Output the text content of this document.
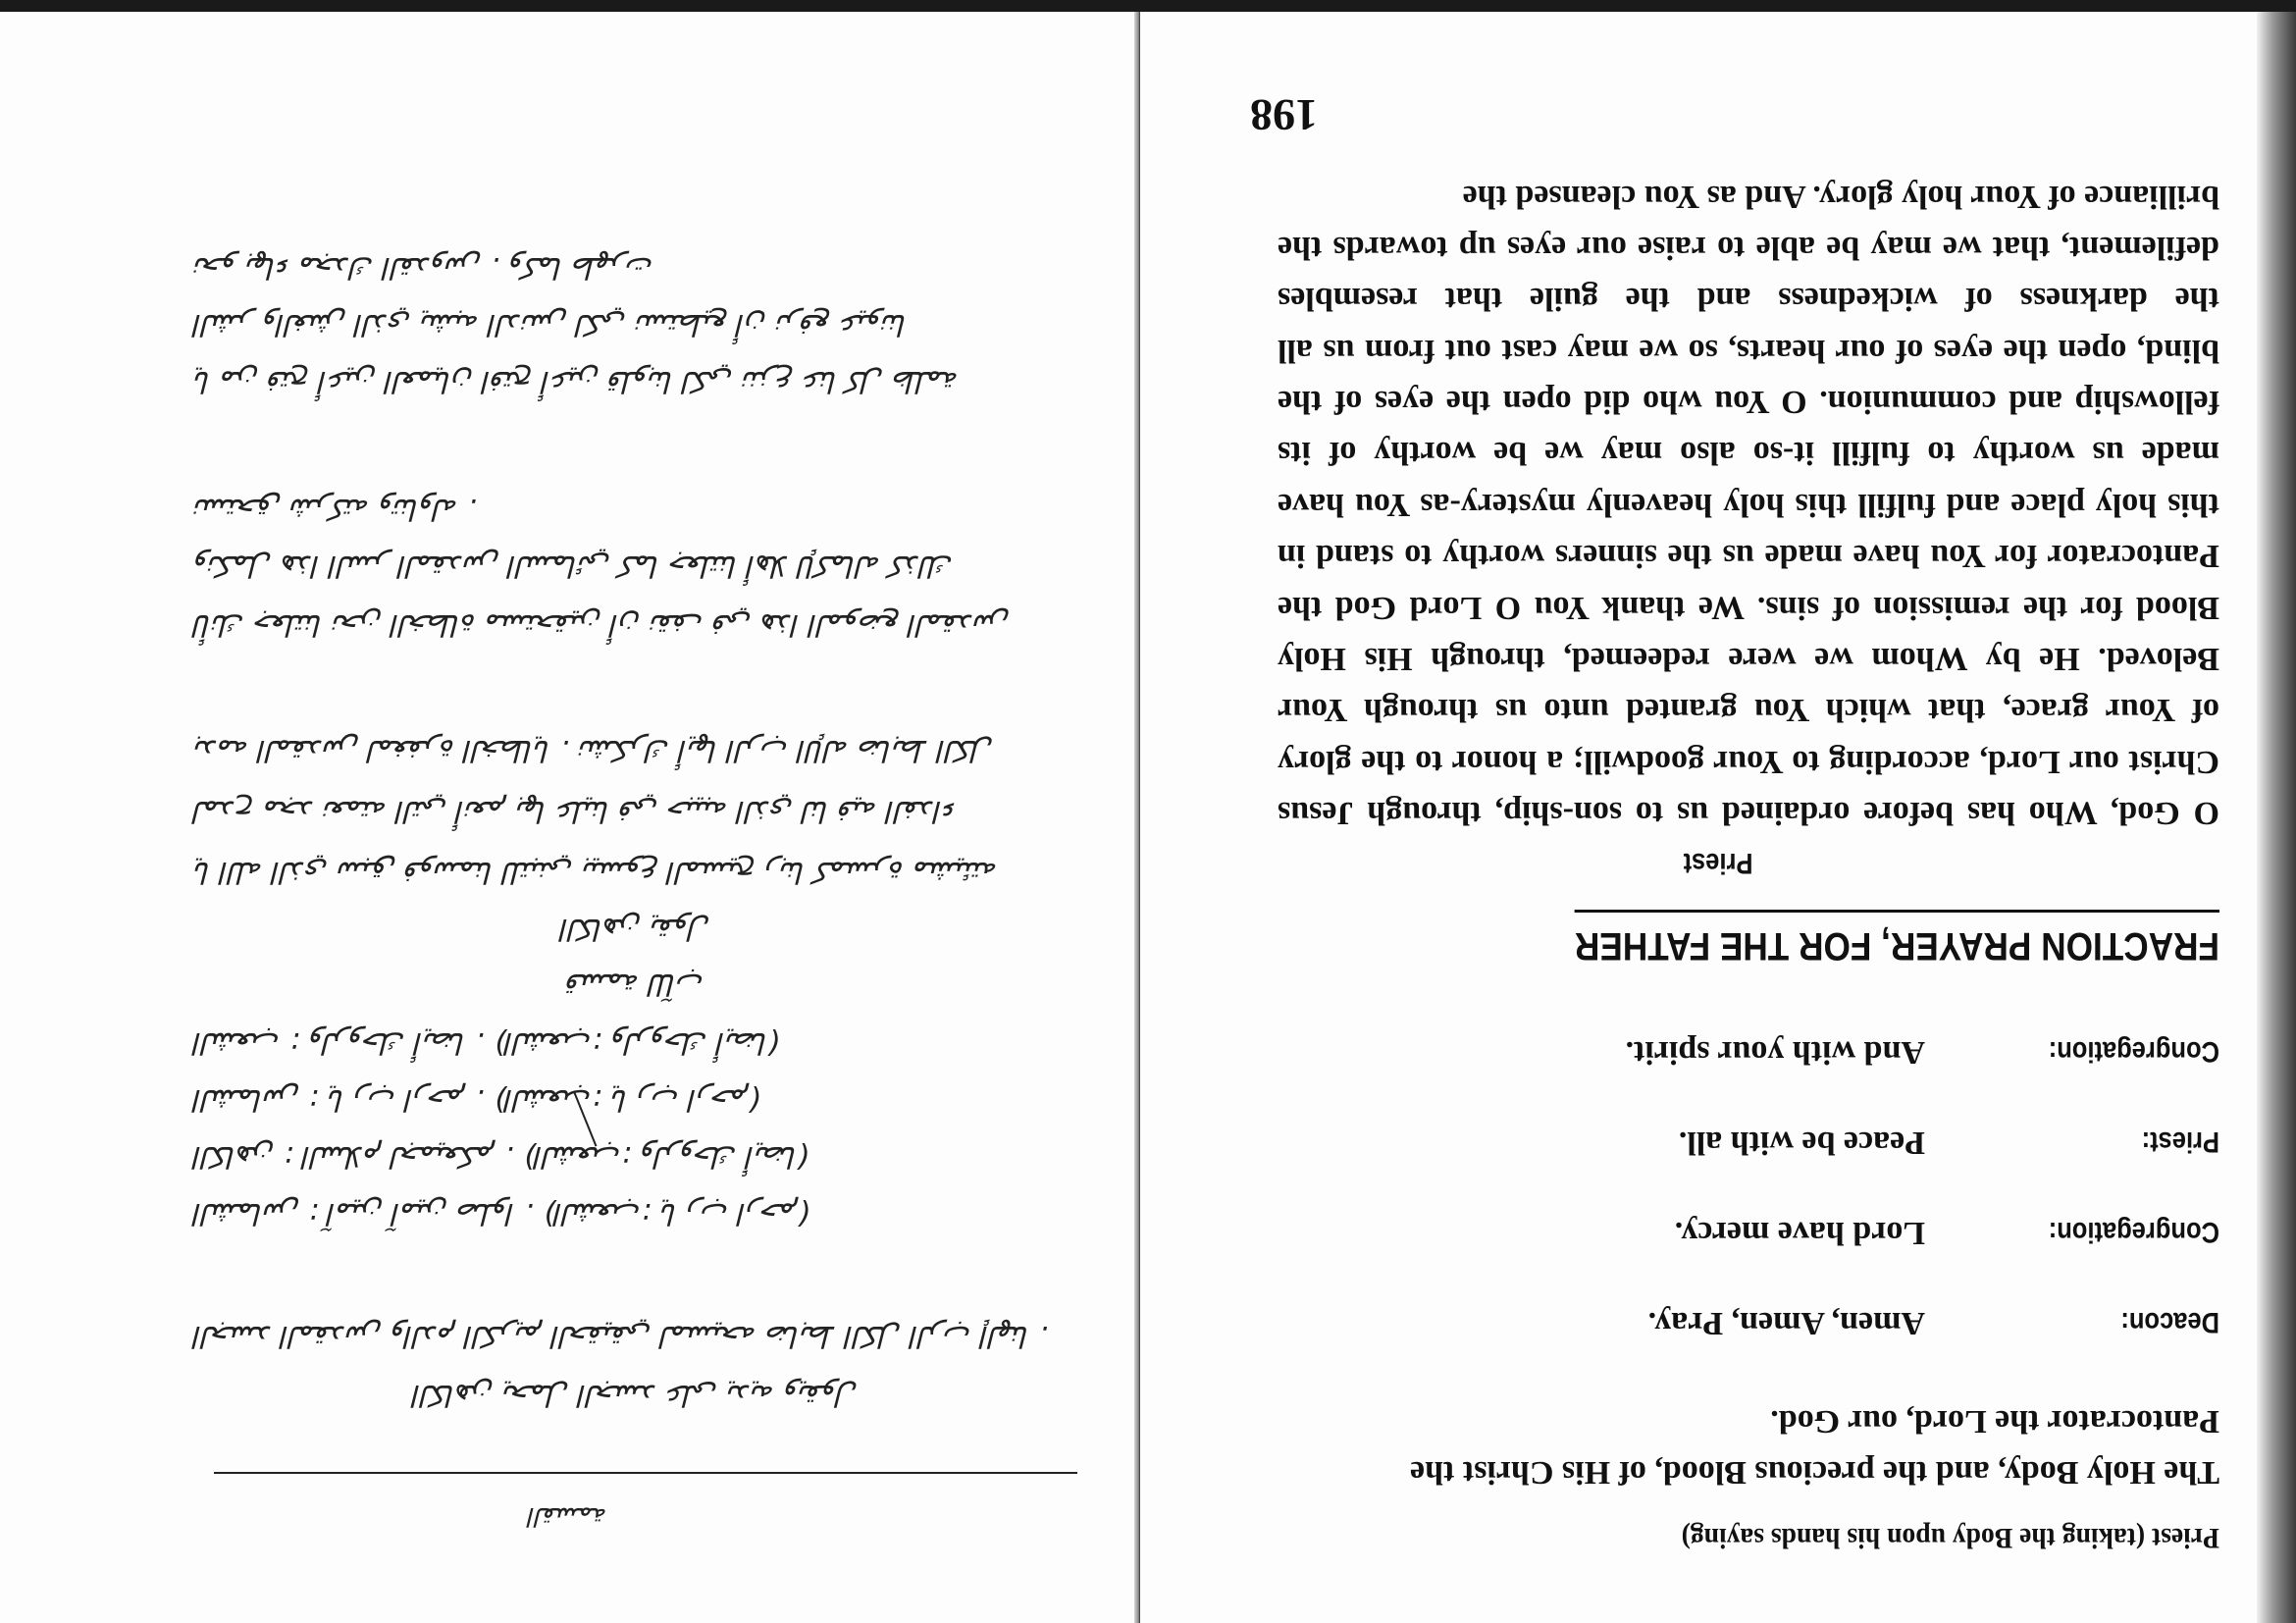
القسمة
الكاهن يحمل الجسد على يديه ويقول
الجسد المقدس والدم الكريم الحقيقي لمسيحه ضابط الكل الرب إلهنا .
الشماس : آمين آمين صلوا . (الشعب: يا رب ارحم)
الكاهن : السلام لجميعكم . (الشعب: ولروحك أيضا)
الشماس : يا رب ارحم . (الشعب: يا رب ارحم)
الشعب : ولروحك أيضا . (الشعب: ولروحك أيضا)
قسمة للآب
الكاهن يقول
يا الله الذي سبق فوسمنا للتبني بيسوع المسيح ربنا كمسرة مشيئته
لمدح مجد نعمته التي أنعم بها علينا في حبيبه الذي لنا فيه الفداء
بدمه المقدس لمغفرة الخطايا . نشكرك أيها الرب الإله ضابط الكل
لأنك جعلتنا نحن الخطاة مستحقين أن نقف في هذا الموضع المقدس
ونكمل هذا السر المقدس السمائي كما جعلتنا أهلا لإكماله كذلك
نستحق شركته وتناوله .
يا من فتح أعين العميان افتح أعين قلوبنا لكي ننزع عنا كل ظلمة
الشر والغش الذي يشبه الدنس لكي نستطيع أن نرفع عيوننا
نحو بهاء مجدك القدوس . وكما طهرت
Priest (taking the Body upon his hands saying)
The Holy Body, and the precious Blood, of His Christ the Pantocrator the Lord, our God.
Deacon:Amen, Amen, Pray.
Congregation:Lord have mercy.
Priest:Peace be with all.
Congregation:And with your spirit.
FRACTION PRAYER, FOR THE FATHER
Priest
O God, Who has before ordained us to son-ship, through Jesus Christ our Lord, according to Your goodwill; a honor to the glory of Your grace, that which You granted unto us through Your Beloved. He by Whom we were redeemed, through His Holy Blood for the remission of sins. We thank You O Lord God the Pantocrator for You have made us the sinners worthy to stand in this holy place and fulfill this holy heavenly mystery-as You have made us worthy to fulfill it-so also may we be worthy of its fellowship and communion. O You who did open the eyes of the blind, open the eyes of our hearts, so we may cast out from us all the darkness of wickedness and the guile that resembles defilement, that we may be able to raise our eyes up towards the brilliance of Your holy glory. And as You cleansed the
198
